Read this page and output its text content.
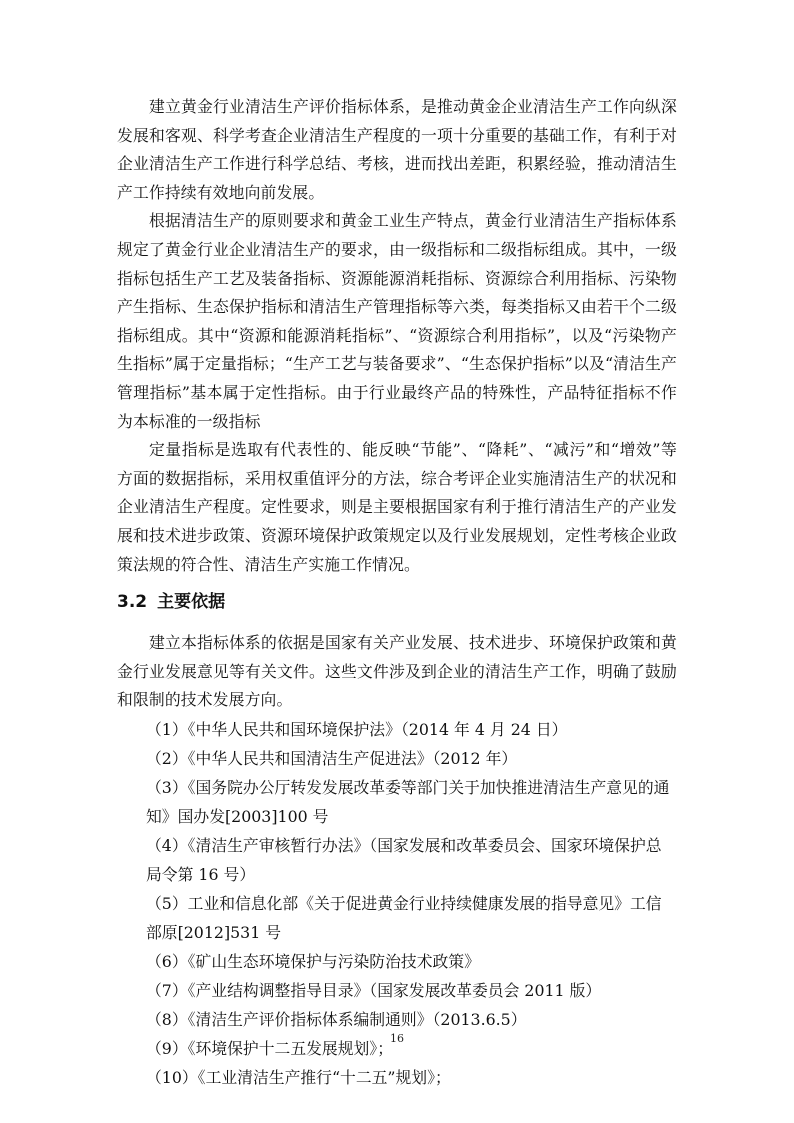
建立黄金行业清洁生产评价指标体系，是推动黄金企业清洁生产工作向纵深发展和客观、科学考查企业清洁生产程度的一项十分重要的基础工作，有利于对企业清洁生产工作进行科学总结、考核，进而找出差距，积累经验，推动清洁生产工作持续有效地向前发展。

根据清洁生产的原则要求和黄金工业生产特点，黄金行业清洁生产指标体系规定了黄金行业企业清洁生产的要求，由一级指标和二级指标组成。其中，一级指标包括生产工艺及装备指标、资源能源消耗指标、资源综合利用指标、污染物产生指标、生态保护指标和清洁生产管理指标等六类，每类指标又由若干个二级指标组成。其中“资源和能源消耗指标”、“资源综合利用指标”，以及“污染物产生指标”属于定量指标；“生产工艺与装备要求”、“生态保护指标”以及“清洁生产管理指标”基本属于定性指标。由于行业最终产品的特殊性，产品特征指标不作为本标准的一级指标

定量指标是选取有代表性的、能反映“节能”、“降耗”、“减污”和“增效”等方面的数据指标，采用权重值评分的方法，综合考评企业实施清洁生产的状况和企业清洁生产程度。定性要求，则是主要根据国家有利于推行清洁生产的产业发展和技术进步政策、资源环境保护政策规定以及行业发展规划，定性考核企业政策法规的符合性、清洁生产实施工作情况。

3.2 主要依据

建立本指标体系的依据是国家有关产业发展、技术进步、环境保护政策和黄金行业发展意见等有关文件。这些文件涉及到企业的清洁生产工作，明确了鼓励和限制的技术发展方向。

（1）《中华人民共和国环境保护法》（2014 年 4 月 24 日）

（2）《中华人民共和国清洁生产促进法》（2012 年）

（3）《国务院办公厅转发发展改革委等部门关于加快推进清洁生产意见的通知》国办发[2003]100 号

（4）《清洁生产审核暂行办法》（国家发展和改革委员会、国家环境保护总局令第 16 号）

（5）工业和信息化部《关于促进黄金行业持续健康发展的指导意见》工信部原[2012]531 号

（6）《矿山生态环境保护与污染防治技术政策》

（7）《产业结构调整指导目录》（国家发展改革委员会 2011 版）

（8）《清洁生产评价指标体系编制通则》（2013.6.5）

（9）《环境保护十二五发展规划》；

（10）《工业清洁生产推行“十二五”规划》；

16
